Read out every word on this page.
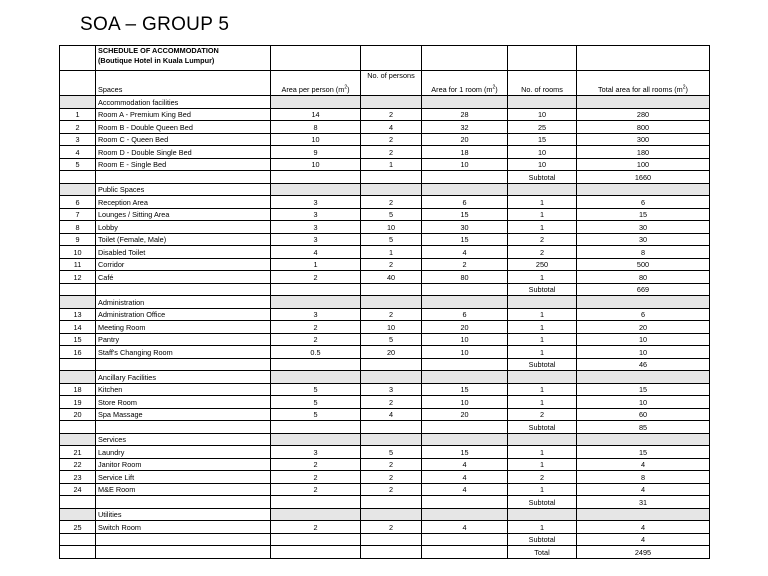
SOA – GROUP 5

	SCHEDULE OF ACCOMMODATION
(Boutique Hotel in Kuala Lumpur)					

	Spaces	Area per person $(m^2)$	No. of persons	Area for 1 room $(m^2)$	No. of rooms	Total area for all rooms $(m^2)$
	Accommodation facilities					
1	Room A - Premium King Bed	14	2	28	10	280
2	Room B - Double Queen Bed	8	4	32	25	800
3	Room C - Queen Bed	10	2	20	15	300
4	Room D - Double Single Bed	9	2	18	10	180
5	Room E - Single Bed	10	1	10	10	100
					Subtotal	1660
	Public Spaces					
6	Reception Area	3	2	6	1	6
7	Lounges / Sitting Area	3	5	15	1	15
8	Lobby	3	10	30	1	30
9	Toilet (Female, Male)	3	5	15	2	30
10	Disabled Toilet	4	1	4	2	8
11	Corridor	1	2	2	250	500
12	Café	2	40	80	1	80
					Subtotal	669
	Administration					
13	Administration Office	3	2	6	1	6
14	Meeting Room	2	10	20	1	20
15	Pantry	2	5	10	1	10
16	Staff's Changing Room	0.5	20	10	1	10
					Subtotal	46
	Ancillary Facilities					
18	Kitchen	5	3	15	1	15
19	Store Room	5	2	10	1	10
20	Spa Massage	5	4	20	2	60
					Subtotal	85
	Services					
21	Laundry	3	5	15	1	15
22	Janitor Room	2	2	4	1	4
23	Service Lift	2	2	4	2	8
24	M&E Room	2	2	4	1	4
					Subtotal	31
	Utilities					
25	Switch Room	2	2	4	1	4
					Subtotal	4
					Total	2495
